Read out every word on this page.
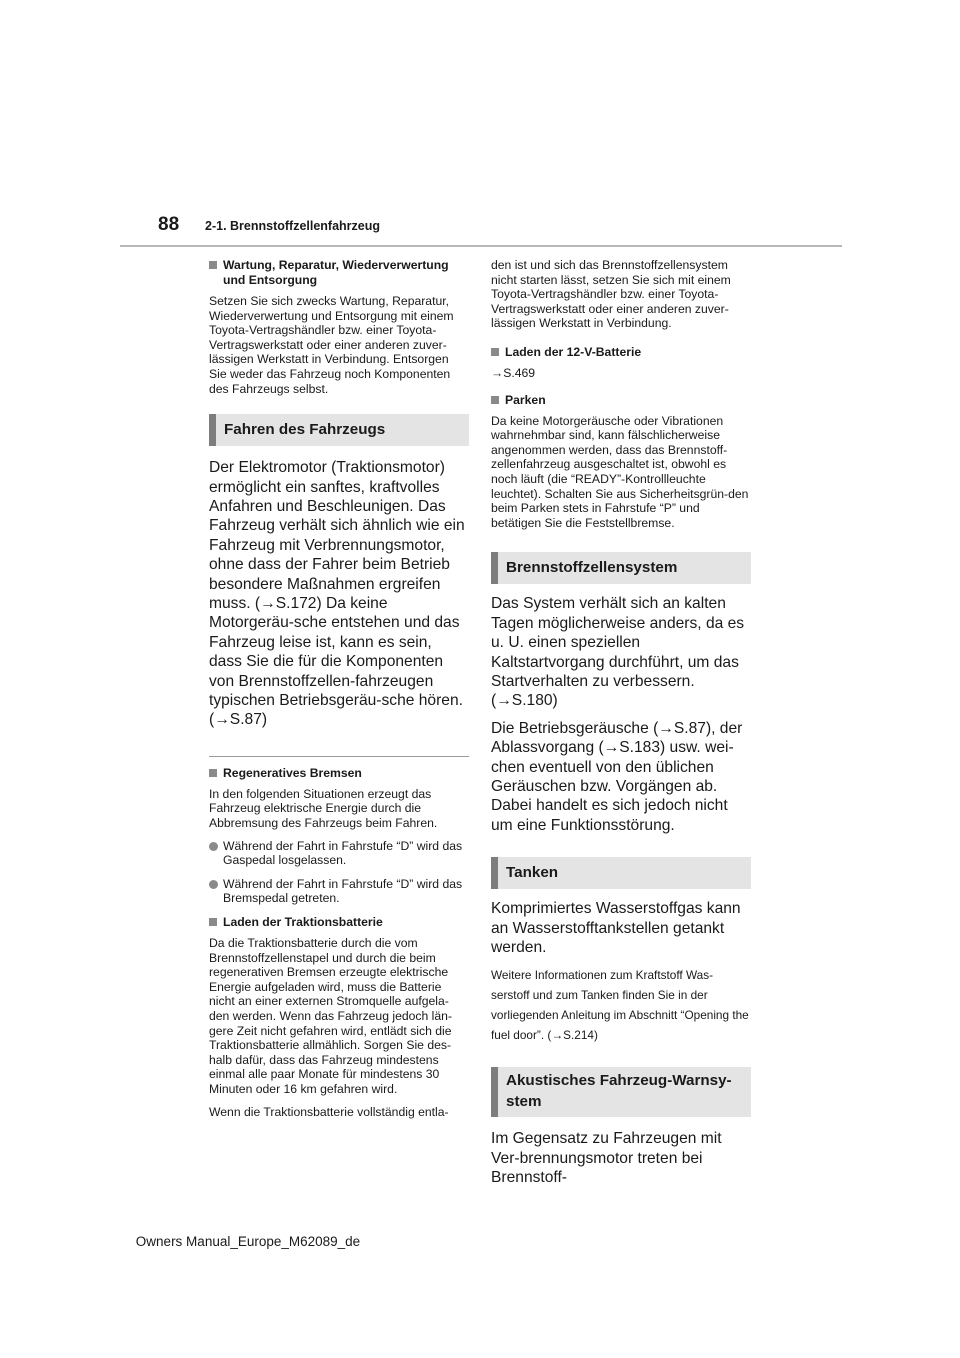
88 2-1. Brennstoffzellenfahrzeug
Wartung, Reparatur, Wiederverwertung
und Entsorgung

Setzen Sie sich zwecks Wartung, Reparatur, Wiederverwertung und Entsorgung mit einem Toyota-Vertragshändler bzw. einer Toyota-Vertragswerkstatt oder einer anderen zuver-lässigen Werkstatt in Verbindung. Entsorgen Sie weder das Fahrzeug noch Komponenten des Fahrzeugs selbst.

Fahren des Fahrzeugs

Der Elektromotor (Traktionsmotor) ermöglicht ein sanftes, kraftvolles Anfahren und Beschleunigen. Das Fahrzeug verhält sich ähnlich wie ein Fahrzeug mit Verbrennungsmotor, ohne dass der Fahrer beim Betrieb besondere Maßnahmen ergreifen muss. (→S.172) Da keine Motorgeräu-sche entstehen und das Fahrzeug leise ist, kann es sein, dass Sie die für die Komponenten von Brennstoffzellen-fahrzeugen typischen Betriebsgeräu-sche hören. (→S.87)

Regeneratives Bremsen

In den folgenden Situationen erzeugt das Fahrzeug elektrische Energie durch die Abbremsung des Fahrzeugs beim Fahren.

Während der Fahrt in Fahrstufe “D” wird das Gaspedal losgelassen.
Während der Fahrt in Fahrstufe “D” wird das Bremspedal getreten.
Laden der Traktionsbatterie

Da die Traktionsbatterie durch die vom Brennstoffzellenstapel und durch die beim regenerativen Bremsen erzeugte elektrische Energie aufgeladen wird, muss die Batterie nicht an einer externen Stromquelle aufgela-den werden. Wenn das Fahrzeug jedoch län-gere Zeit nicht gefahren wird, entlädt sich die Traktionsbatterie allmählich. Sorgen Sie des-halb dafür, dass das Fahrzeug mindestens einmal alle paar Monate für mindestens 30 Minuten oder 16 km gefahren wird.

Wenn die Traktionsbatterie vollständig entla-

den ist und sich das Brennstoffzellensystem nicht starten lässt, setzen Sie sich mit einem Toyota-Vertragshändler bzw. einer Toyota-Vertragswerkstatt oder einer anderen zuver-lässigen Werkstatt in Verbindung.

Laden der 12-V-Batterie

→S.469

Parken

Da keine Motorgeräusche oder Vibrationen wahrnehmbar sind, kann fälschlicherweise angenommen werden, dass das Brennstoff-zellenfahrzeug ausgeschaltet ist, obwohl es noch läuft (die “READY”-Kontrollleuchte leuchtet). Schalten Sie aus Sicherheitsgrün-den beim Parken stets in Fahrstufe “P” und betätigen Sie die Feststellbremse.

Brennstoffzellensystem

Das System verhält sich an kalten Tagen möglicherweise anders, da es u. U. einen speziellen Kaltstartvorgang durchführt, um das Startverhalten zu verbessern. (→S.180)

Die Betriebsgeräusche (→S.87), der Ablassvorgang (→S.183) usw. wei-chen eventuell von den üblichen Geräuschen bzw. Vorgängen ab. Dabei handelt es sich jedoch nicht um eine Funktionsstörung.

Tanken

Komprimiertes Wasserstoffgas kann an Wasserstofftankstellen getankt werden.

Weitere Informationen zum Kraftstoff Was-serstoff und zum Tanken finden Sie in der vorliegenden Anleitung im Abschnitt “Opening the fuel door”. (→S.214)

Akustisches Fahrzeug-Warnsy-
stem

Im Gegensatz zu Fahrzeugen mit Ver-brennungsmotor treten bei Brennstoff-

Owners Manual_Europe_M62089_de
